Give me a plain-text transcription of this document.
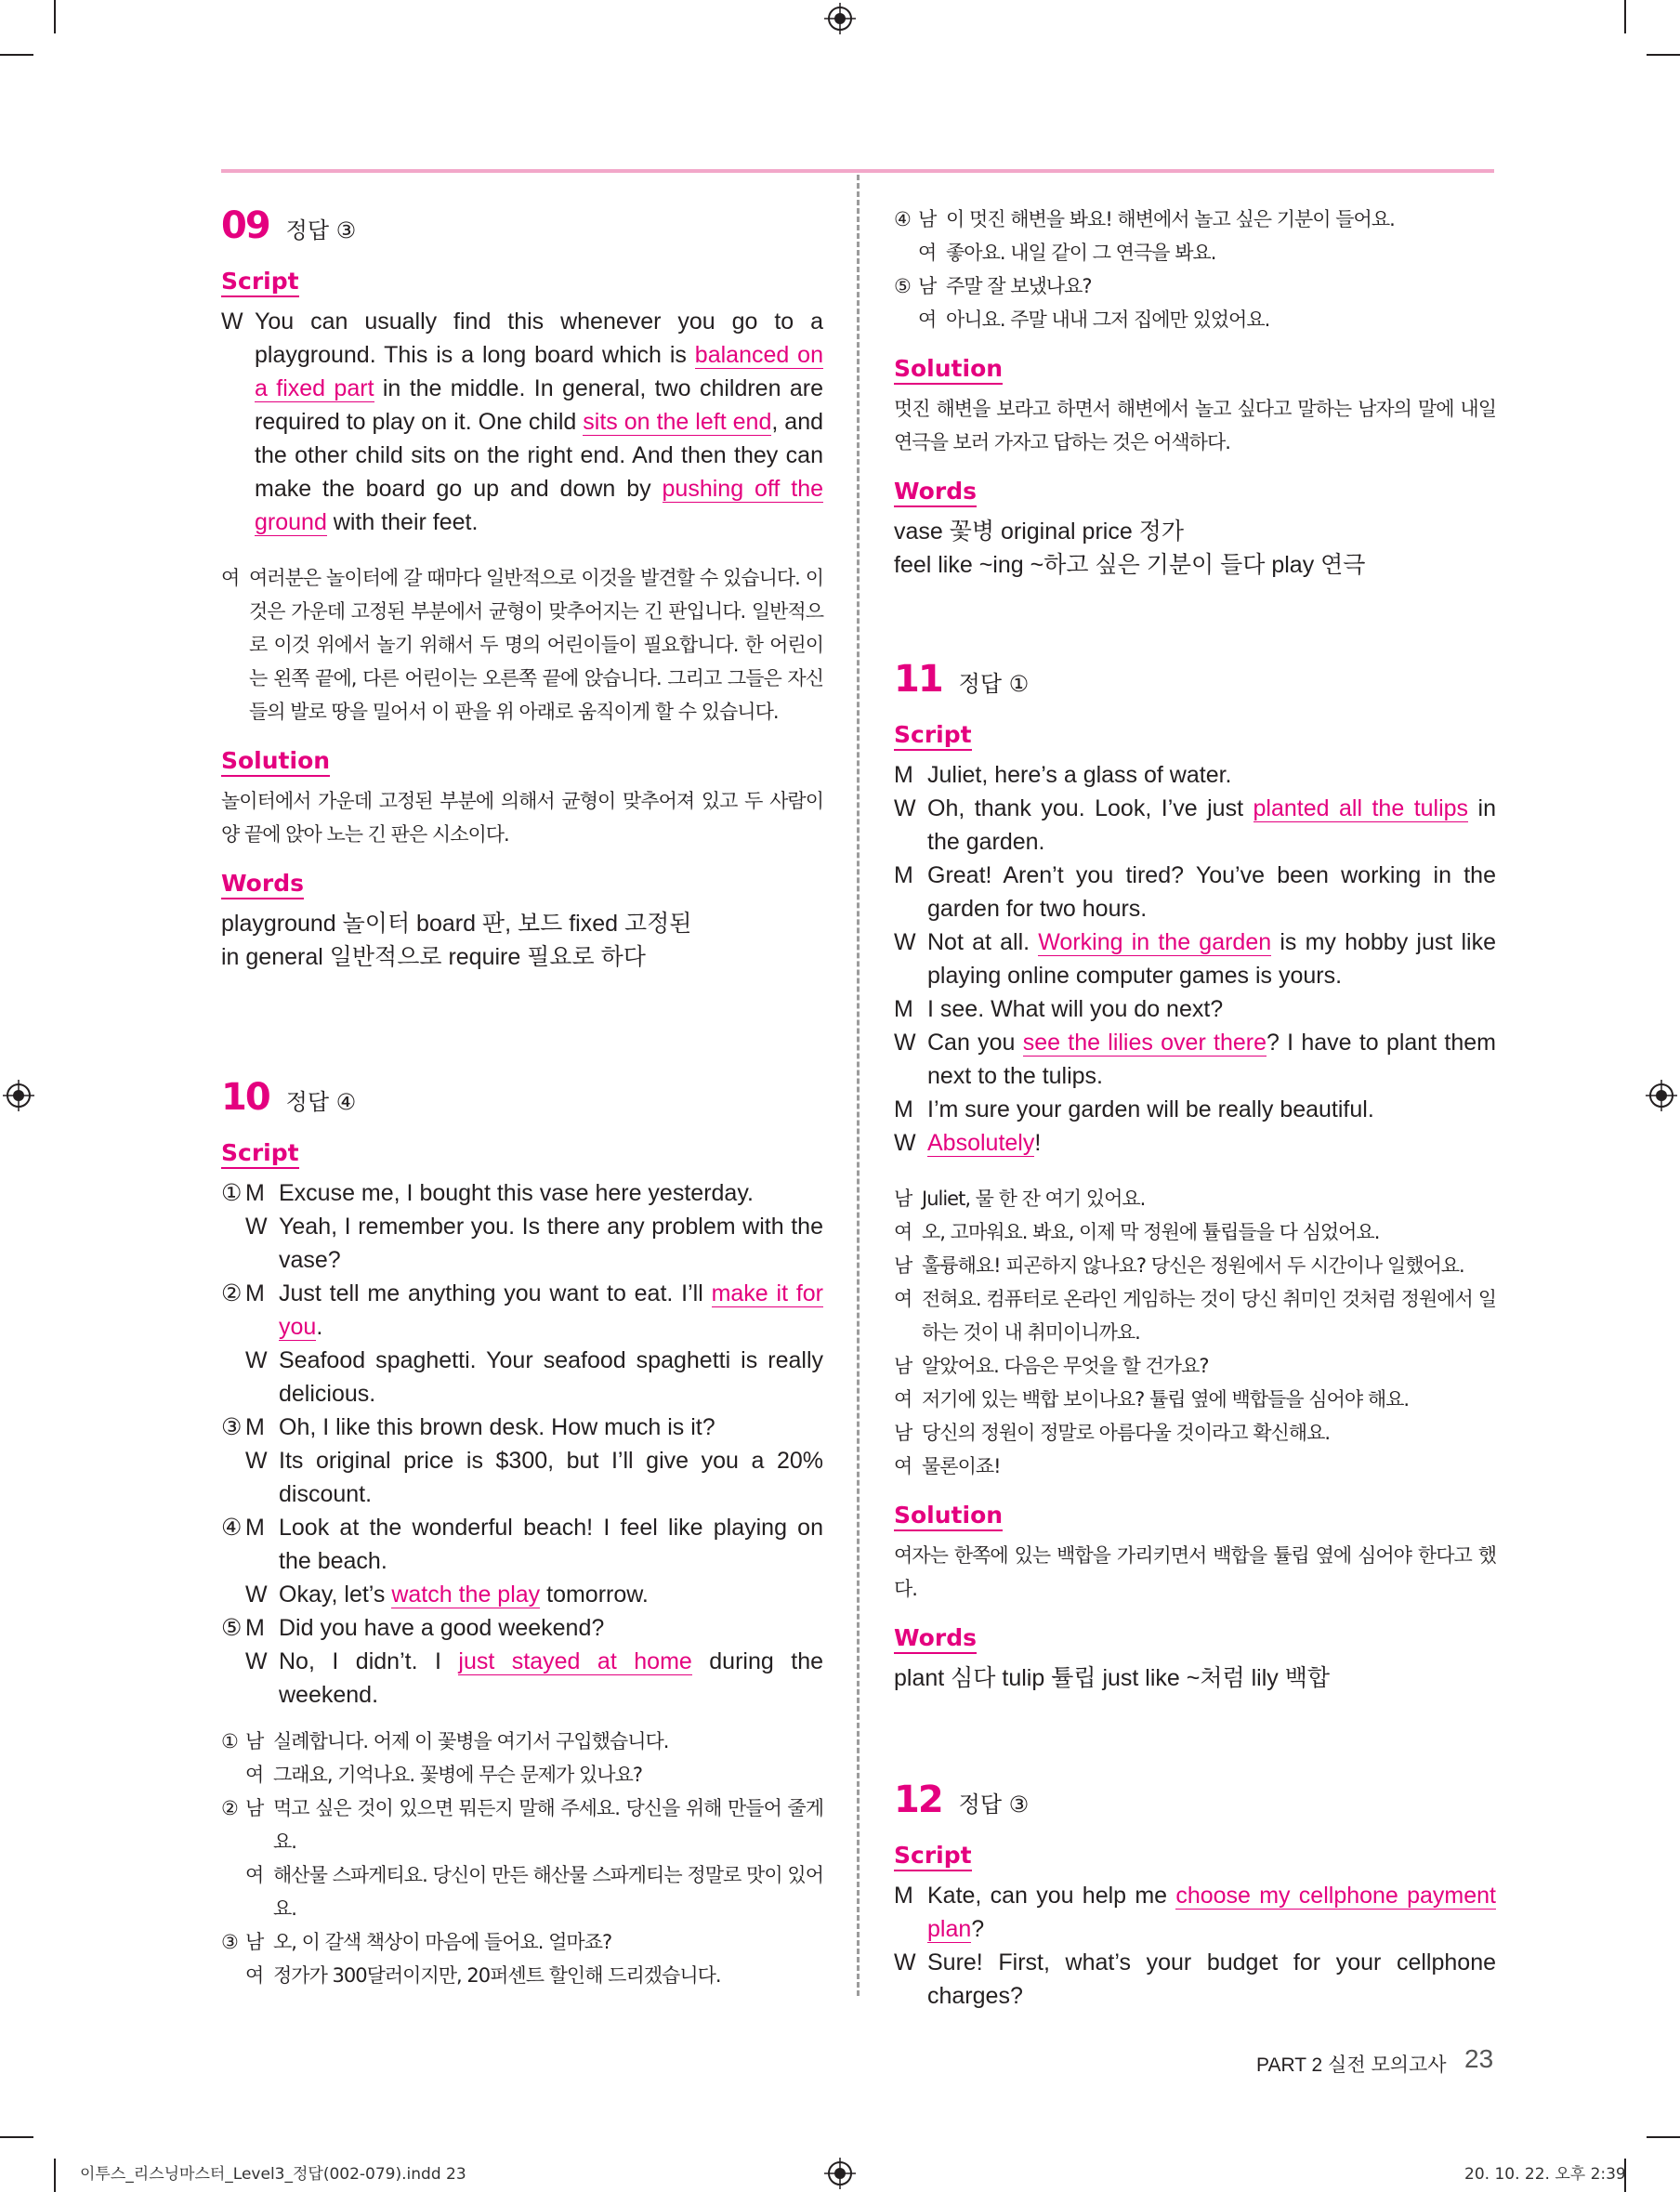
09 정답 ③
Script
W You can usually find this whenever you go to a playground. This is a long board which is balanced on a fixed part in the middle. In general, two children are required to play on it. One child sits on the left end, and the other child sits on the right end. And then they can make the board go up and down by pushing off the ground with their feet.
여 여러분은 놀이터에 갈 때마다 일반적으로 이것을 발견할 수 있습니다. 이것은 가운데 고정된 부분에서 균형이 맞추어지는 긴 판입니다. 일반적으로 이것 위에서 놀기 위해서 두 명의 어린이들이 필요합니다. 한 어린이는 왼쪽 끝에, 다른 어린이는 오른쪽 끝에 앉습니다. 그리고 그들은 자신들의 발로 땅을 밀어서 이 판을 위 아래로 움직이게 할 수 있습니다.
Solution
놀이터에서 가운데 고정된 부분에 의해서 균형이 맞추어져 있고 두 사람이 양 끝에 앉아 노는 긴 판은 시소이다.
Words
playground 놀이터 board 판, 보드 fixed 고정된
in general 일반적으로 require 필요로 하다
10 정답 ④
Script
① M Excuse me, I bought this vase here yesterday.
W Yeah, I remember you. Is there any problem with the vase?
② M Just tell me anything you want to eat. I’ll make it for you.
W Seafood spaghetti. Your seafood spaghetti is really delicious.
③ M Oh, I like this brown desk. How much is it?
W Its original price is $300, but I’ll give you a 20% discount.
④ M Look at the wonderful beach! I feel like playing on the beach.
W Okay, let’s watch the play tomorrow.
⑤ M Did you have a good weekend?
W No, I didn’t. I just stayed at home during the weekend.
① 남 실례합니다. 어제 이 꽃병을 여기서 구입했습니다.
여 그래요, 기억나요. 꽃병에 무슨 문제가 있나요?
② 남 먹고 싶은 것이 있으면 뭐든지 말해 주세요. 당신을 위해 만들어 줄게요.
여 해산물 스파게티요. 당신이 만든 해산물 스파게티는 정말로 맛이 있어요.
③ 남 오, 이 갈색 책상이 마음에 들어요. 얼마죠?
여 정가가 300달러이지만, 20퍼센트 할인해 드리겠습니다.
④ 남 이 멋진 해변을 봐요! 해변에서 놀고 싶은 기분이 들어요.
여 좋아요. 내일 같이 그 연극을 봐요.
⑤ 남 주말 잘 보냈나요?
여 아니요. 주말 내내 그저 집에만 있었어요.
Solution
멋진 해변을 보라고 하면서 해변에서 놀고 싶다고 말하는 남자의 말에 내일 연극을 보러 가자고 답하는 것은 어색하다.
Words
vase 꽃병 original price 정가
feel like ~ing ~하고 싶은 기분이 들다 play 연극
11 정답 ①
Script
M Juliet, here’s a glass of water.
W Oh, thank you. Look, I’ve just planted all the tulips in the garden.
M Great! Aren’t you tired? You’ve been working in the garden for two hours.
W Not at all. Working in the garden is my hobby just like playing online computer games is yours.
M I see. What will you do next?
W Can you see the lilies over there? I have to plant them next to the tulips.
M I’m sure your garden will be really beautiful.
W Absolutely!
남 Juliet, 물 한 잔 여기 있어요.
여 오, 고마워요. 봐요, 이제 막 정원에 튤립들을 다 심었어요.
남 훌륭해요! 피곤하지 않나요? 당신은 정원에서 두 시간이나 일했어요.
여 전혀요. 컴퓨터로 온라인 게임하는 것이 당신 취미인 것처럼 정원에서 일하는 것이 내 취미이니까요.
남 알았어요. 다음은 무엇을 할 건가요?
여 저기에 있는 백합 보이나요? 튤립 옆에 백합들을 심어야 해요.
남 당신의 정원이 정말로 아름다울 것이라고 확신해요.
여 물론이죠!
Solution
여자는 한쪽에 있는 백합을 가리키면서 백합을 튤립 옆에 심어야 한다고 했다.
Words
plant 심다 tulip 튤립 just like ~처럼 lily 백합
12 정답 ③
Script
M Kate, can you help me choose my cellphone payment plan?
W Sure! First, what’s your budget for your cellphone charges?
PART 2 실전 모의고사 23
이투스_리스닝마스터_Level3_정답(002-079).indd 23	20. 10. 22. 오후 2:39
